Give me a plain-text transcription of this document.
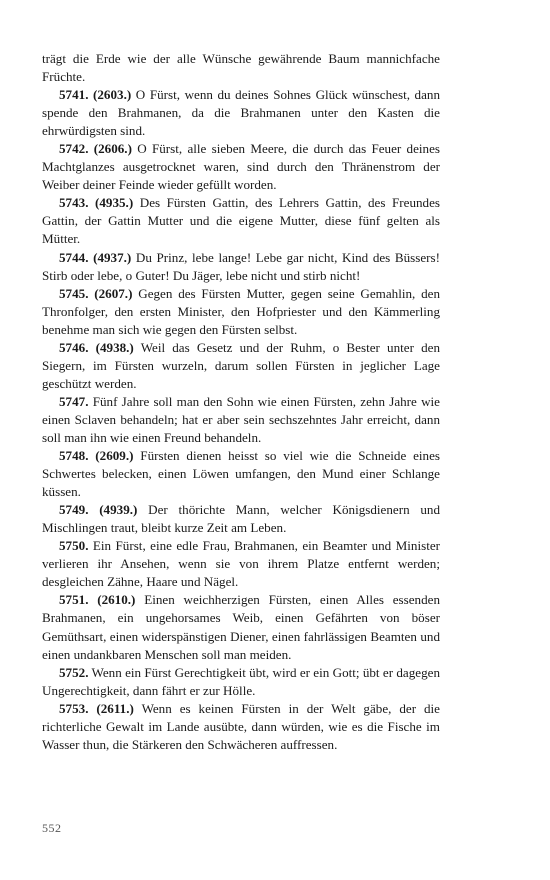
trägt die Erde wie der alle Wünsche gewährende Baum mannichfache Früchte.

5741. (2603.) O Fürst, wenn du deines Sohnes Glück wünschest, dann spende den Brahmanen, da die Brahmanen unter den Kasten die ehrwürdigsten sind.

5742. (2606.) O Fürst, alle sieben Meere, die durch das Feuer deines Machtglanzes ausgetrocknet waren, sind durch den Thränenstrom der Weiber deiner Feinde wieder gefüllt worden.

5743. (4935.) Des Fürsten Gattin, des Lehrers Gattin, des Freundes Gattin, der Gattin Mutter und die eigene Mutter, diese fünf gelten als Mütter.

5744. (4937.) Du Prinz, lebe lange! Lebe gar nicht, Kind des Büssers! Stirb oder lebe, o Guter! Du Jäger, lebe nicht und stirb nicht!

5745. (2607.) Gegen des Fürsten Mutter, gegen seine Gemahlin, den Thronfolger, den ersten Minister, den Hofpriester und den Kämmerling benehme man sich wie gegen den Fürsten selbst.

5746. (4938.) Weil das Gesetz und der Ruhm, o Bester unter den Siegern, im Fürsten wurzeln, darum sollen Fürsten in jeglicher Lage geschützt werden.

5747. Fünf Jahre soll man den Sohn wie einen Fürsten, zehn Jahre wie einen Sclaven behandeln; hat er aber sein sechszehntes Jahr erreicht, dann soll man ihn wie einen Freund behandeln.

5748. (2609.) Fürsten dienen heisst so viel wie die Schneide eines Schwertes belecken, einen Löwen umfangen, den Mund einer Schlange küssen.

5749. (4939.) Der thörichte Mann, welcher Königsdienern und Mischlingen traut, bleibt kurze Zeit am Leben.

5750. Ein Fürst, eine edle Frau, Brahmanen, ein Beamter und Minister verlieren ihr Ansehen, wenn sie von ihrem Platze entfernt werden; desgleichen Zähne, Haare und Nägel.

5751. (2610.) Einen weichherzigen Fürsten, einen Alles essenden Brahmanen, ein ungehorsames Weib, einen Gefährten von böser Gemüthsart, einen widerspänstigen Diener, einen fahrlässigen Beamten und einen undankbaren Menschen soll man meiden.

5752. Wenn ein Fürst Gerechtigkeit übt, wird er ein Gott; übt er dagegen Ungerechtigkeit, dann fährt er zur Hölle.

5753. (2611.) Wenn es keinen Fürsten in der Welt gäbe, der die richterliche Gewalt im Lande ausübte, dann würden, wie es die Fische im Wasser thun, die Stärkeren den Schwächeren auffressen.

552
